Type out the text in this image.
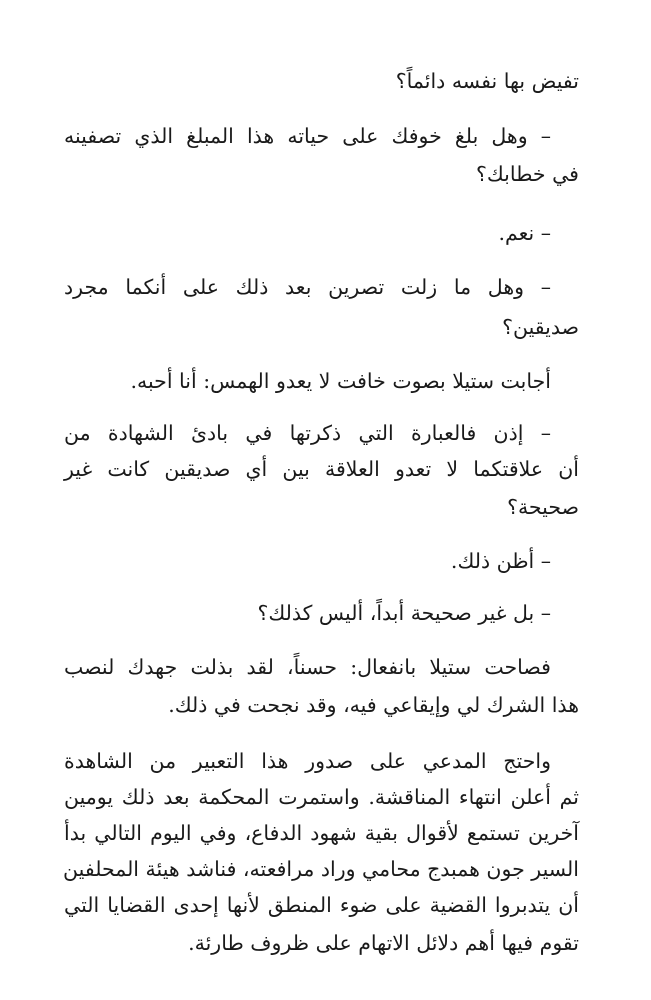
تفيض بها نفسه دائماً؟
– وهل بلغ خوفك على حياته هذا المبلغ الذي تصفينه
في خطابك؟
– نعم.
– وهل ما زلت تصرين بعد ذلك على أنكما مجرد
صديقين؟
أجابت ستيلا بصوت خافت لا يعدو الهمس: أنا أحبه.
– إذن فالعبارة التي ذكرتها في بادئ الشهادة من
أن علاقتكما لا تعدو العلاقة بين أي صديقين كانت غير
صحيحة؟
– أظن ذلك.
– بل غير صحيحة أبداً، أليس كذلك؟
فصاحت ستيلا بانفعال: حسناً، لقد بذلت جهدك لنصب
هذا الشرك لي وإيقاعي فيه، وقد نجحت في ذلك.
واحتج المدعي على صدور هذا التعبير من الشاهدة
ثم أعلن انتهاء المناقشة. واستمرت المحكمة بعد ذلك يومين
آخرين تستمع لأقوال بقية شهود الدفاع، وفي اليوم التالي بدأ
السير جون همبدج محامي وراد مرافعته، فناشد هيئة المحلفين
أن يتدبروا القضية على ضوء المنطق لأنها إحدى القضايا التي
تقوم فيها أهم دلائل الاتهام على ظروف طارئة.
